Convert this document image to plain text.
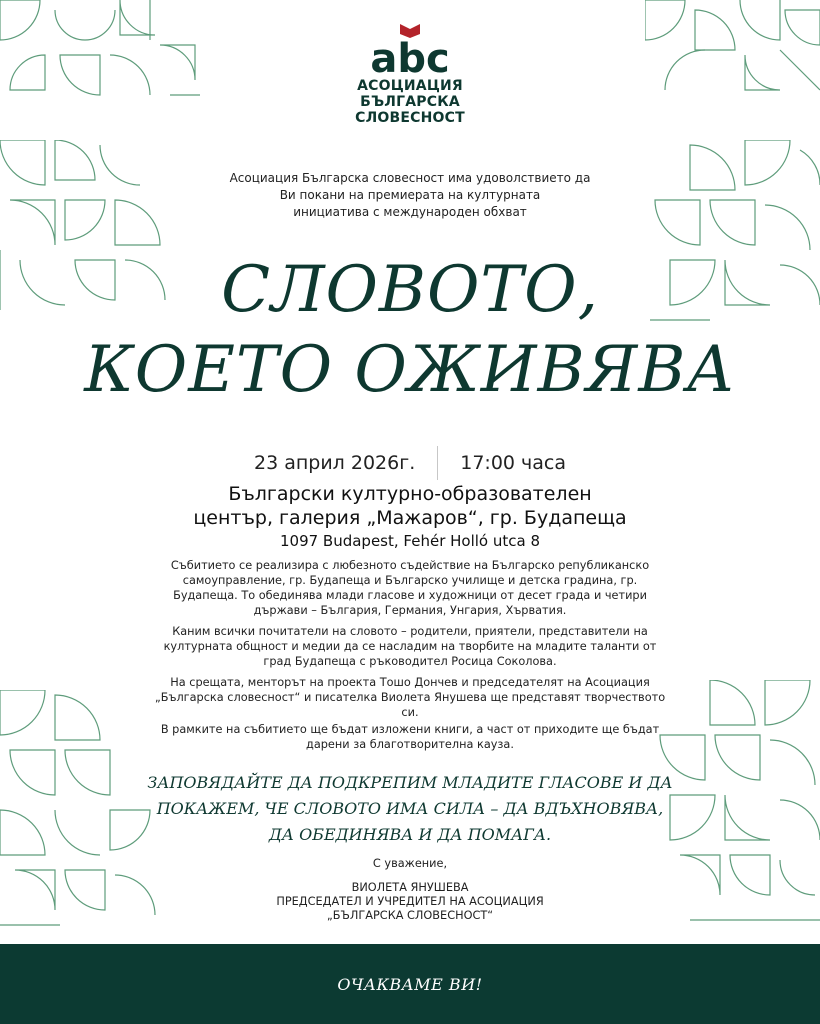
abc
АСОЦИАЦИЯ
БЪЛГАРСКА
СЛОВЕСНОСТ
Асоциация Българска словесност има удоволствието да
Ви покани на премиерата на културната
инициатива с международен обхват
СЛОВОТО,
КОЕТО ОЖИВЯВА
23 април 2026г.	17:00 часа
Български културно-образователен
център, галерия „Мажаров“, гр. Будапеща
1097 Budapest, Fehér Holló utca 8

Събитието се реализира с любезното съдействие на Българско републиканско самоуправление, гр. Будапеща и Българско училище и детска градина, гр. Будапеща. То обединява млади гласове и художници от десет града и четири държави – България, Германия, Унгария, Хърватия.

Каним всички почитатели на словото – родители, приятели, представители на културната общност и медии да се насладим на творбите на младите таланти от град Будапеща с ръководител Росица Соколова.

На срещата, менторът на проекта Тошо Дончев и председателят на Асоциация „Българска словесност“ и писателка Виолета Янушева ще представят творчеството си.

В рамките на събитието ще бъдат изложени книги, а част от приходите ще бъдат дарени за благотворителна кауза.

ЗАПОВЯДАЙТЕ ДА ПОДКРЕПИМ МЛАДИТЕ ГЛАСОВЕ И ДА
ПОКАЖЕМ, ЧЕ СЛОВОТО ИМА СИЛА – ДА ВДЪХНОВЯВА,
ДА ОБЕДИНЯВА И ДА ПОМАГА.
С уважение,
ВИОЛЕТА ЯНУШЕВА
ПРЕДСЕДАТЕЛ И УЧРЕДИТЕЛ НА АСОЦИАЦИЯ
„БЪЛГАРСКА СЛОВЕСНОСТ“
ОЧАКВАМЕ ВИ!
